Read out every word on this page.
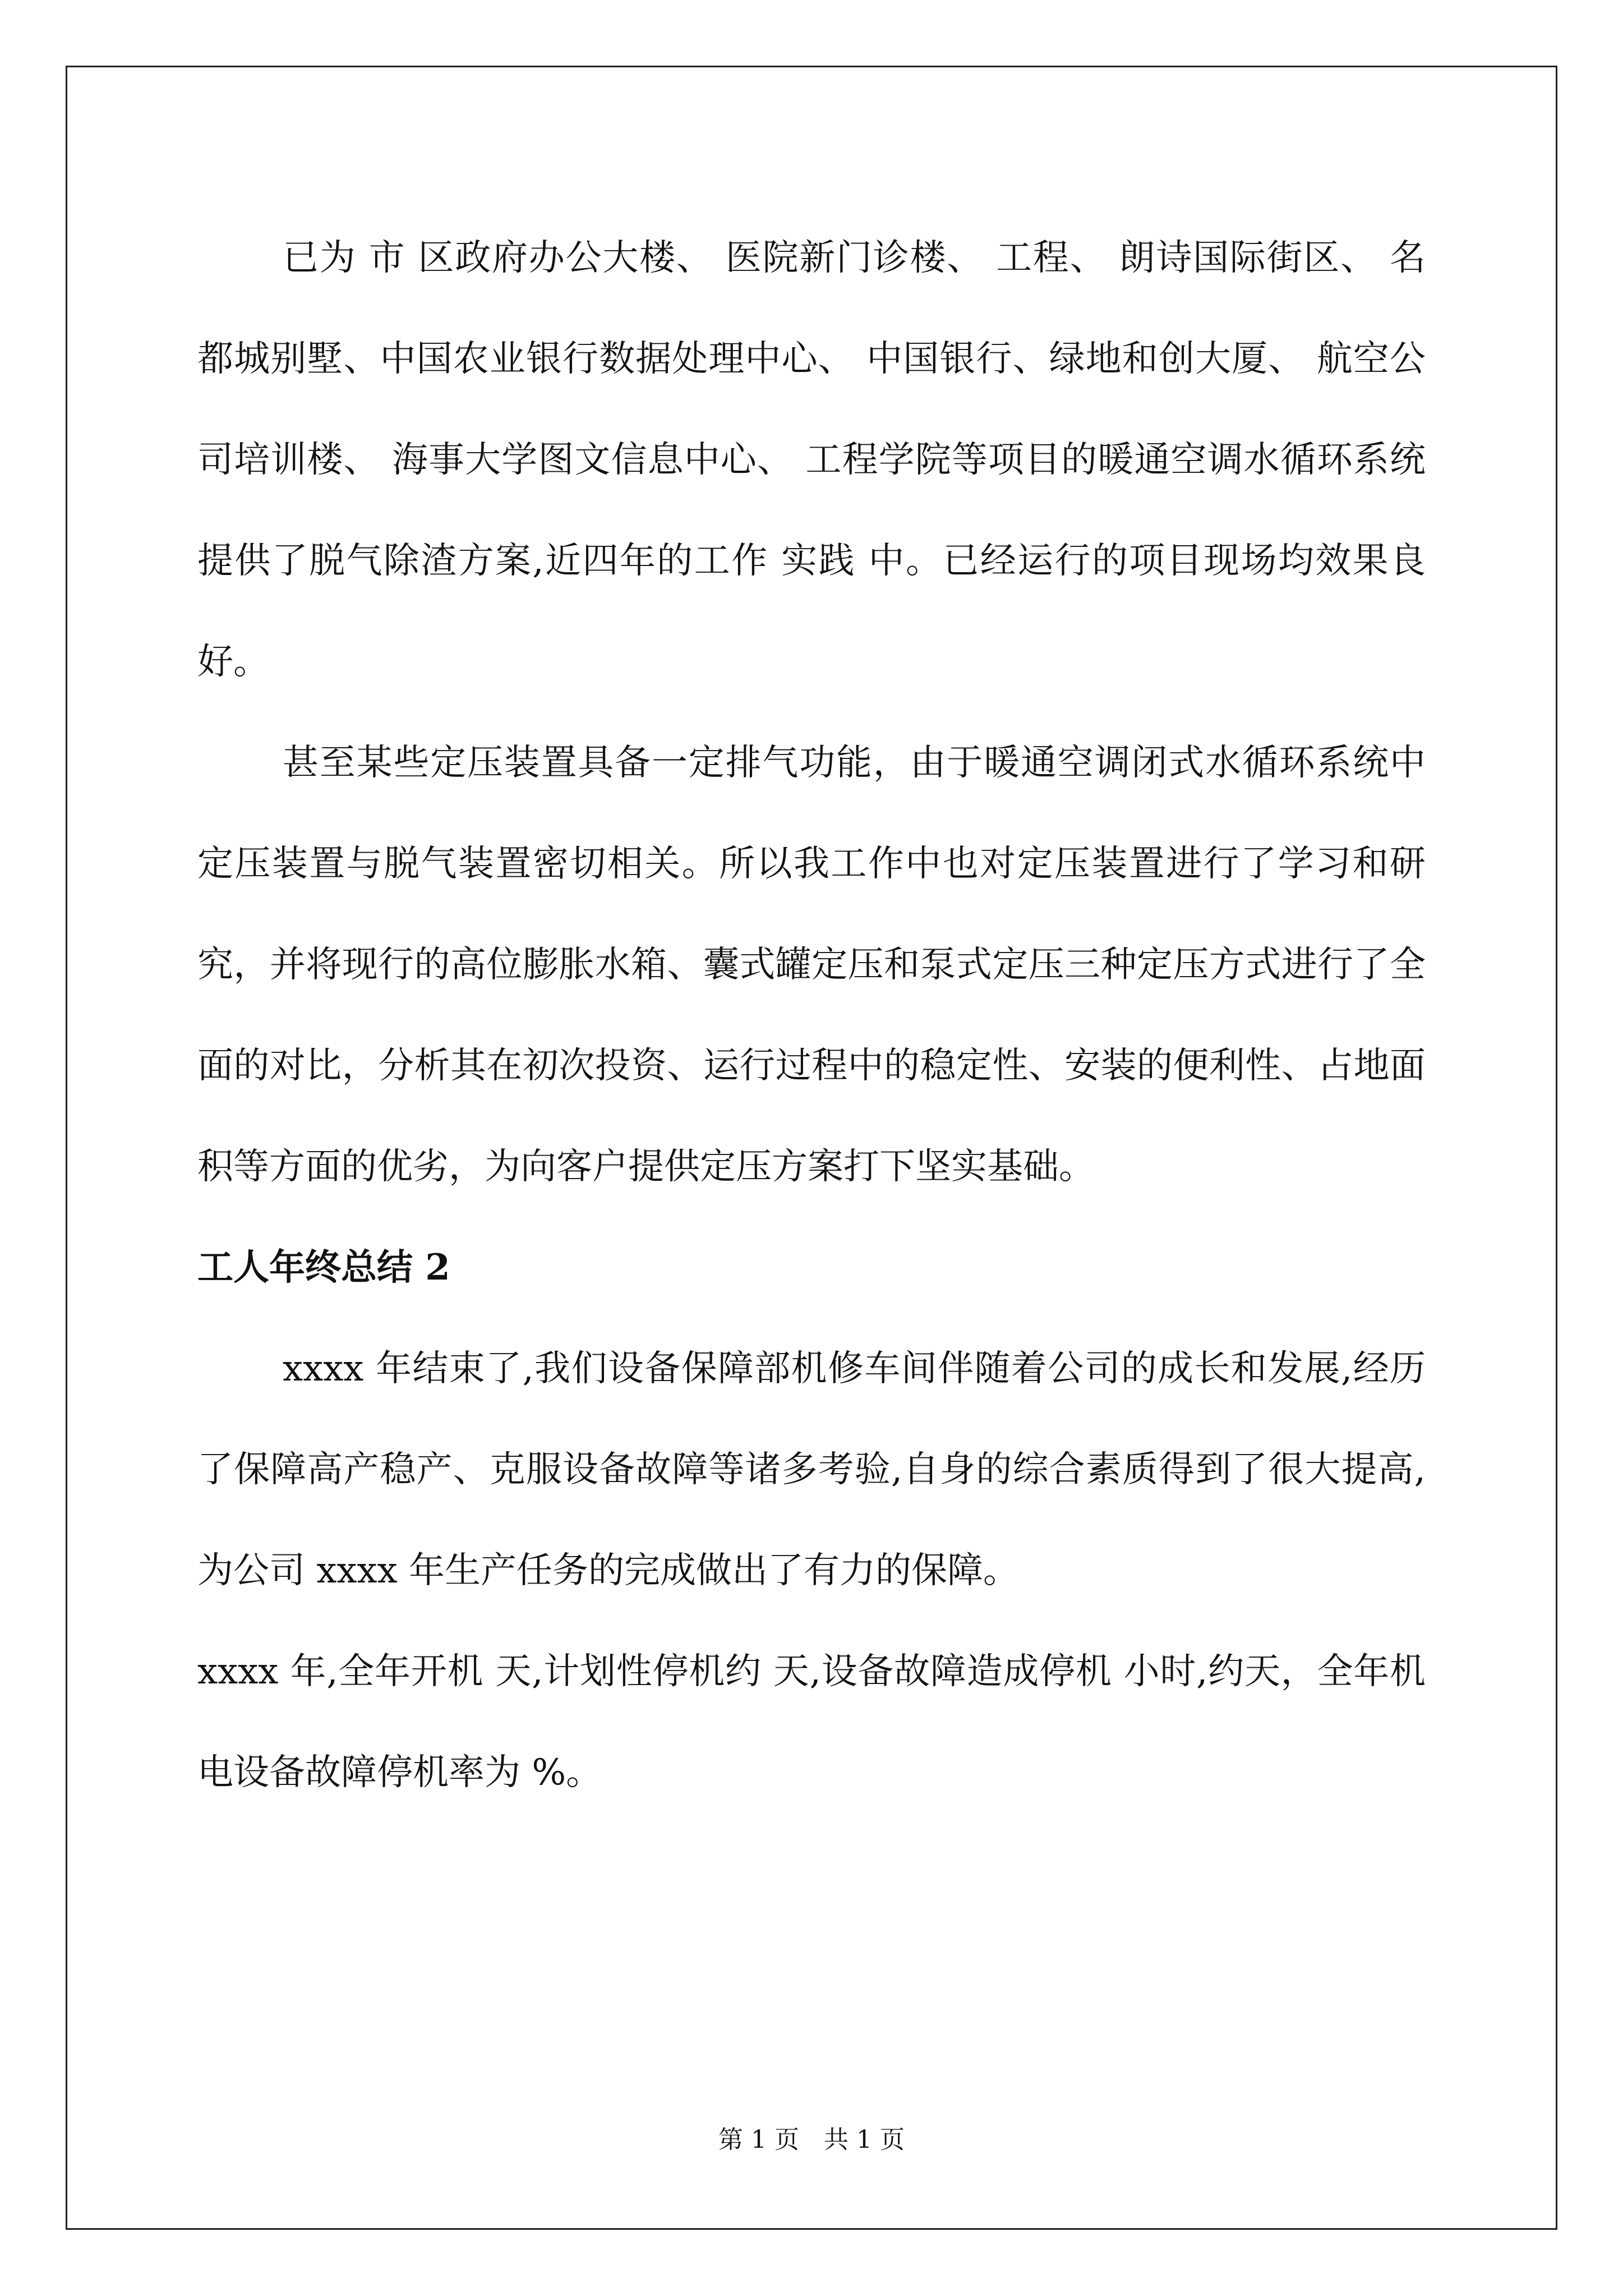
已为 市 区政府办公大楼、 医院新门诊楼、 工程、 朗诗国际街区、 名都城别墅、中国农业银行数据处理中心、 中国银行、绿地和创大厦、 航空公司培训楼、 海事大学图文信息中心、 工程学院等项目的暖通空调水循环系统提供了脱气除渣方案,近四年的工作 实践 中。已经运行的项目现场均效果良好。

甚至某些定压装置具备一定排气功能，由于暖通空调闭式水循环系统中定压装置与脱气装置密切相关。所以我工作中也对定压装置进行了学习和研究，并将现行的高位膨胀水箱、囊式罐定压和泵式定压三种定压方式进行了全面的对比，分析其在初次投资、运行过程中的稳定性、安装的便利性、占地面积等方面的优劣，为向客户提供定压方案打下坚实基础。

工人年终总结 2

xxxx 年结束了,我们设备保障部机修车间伴随着公司的成长和发展,经历了保障高产稳产、克服设备故障等诸多考验,自身的综合素质得到了很大提高,为公司 xxxx 年生产任务的完成做出了有力的保障。

xxxx 年,全年开机 天,计划性停机约 天,设备故障造成停机 小时,约天，全年机电设备故障停机率为 %。

第 1 页　共 1 页
